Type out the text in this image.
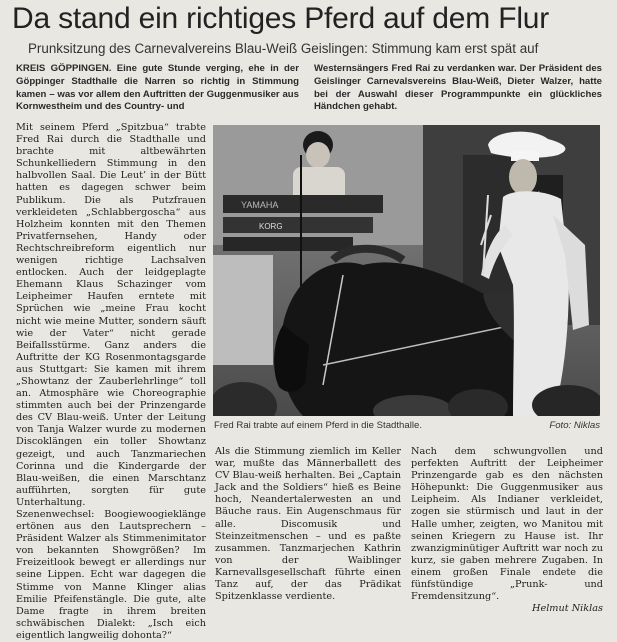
Da stand ein richtiges Pferd auf dem Flur
Prunksitzung des Carnevalvereins Blau-Weiß Geislingen: Stimmung kam erst spät auf
KREIS GÖPPINGEN. Eine gute Stunde verging, ehe in der Göppinger Stadthalle die Narren so richtig in Stimmung kamen – was vor allem den Auftritten der Guggenmusiker aus Kornwestheim und des Country- und
Westernsängers Fred Rai zu verdanken war. Der Präsident des Geislinger Carnevalsvereins Blau-Weiß, Dieter Walzer, hatte bei der Auswahl dieser Programmpunkte ein glückliches Händchen gehabt.

Mit seinem Pferd „Spitzbua“ trabte Fred Rai durch die Stadthalle und brachte mit altbewährten Schunkelliedern Stimmung in den halbvollen Saal. Die Leut’ in der Bütt hatten es dagegen schwer beim Publikum. Die als Putzfrauen verkleideten „Schlabbergoscha“ aus Holzheim konnten mit den Themen Privatfernsehen, Handy oder Rechtschreibreform eigentlich nur wenigen richtige Lachsalven entlocken. Auch der leidgeplagte Ehemann Klaus Schazinger vom Leipheimer Haufen erntete mit Sprüchen wie „meine Frau kocht nicht wie meine Mutter, sondern säuft wie der Vater“ nicht gerade Beifallsstürme. Ganz anders die Auftritte der KG Rosenmontagsgarde aus Stuttgart: Sie kamen mit ihrem „Showtanz der Zauberlehrlinge“ toll an. Atmosphäre wie Choreographie stimmten auch bei der Prinzengarde des CV Blau-weiß. Unter der Leitung von Tanja Walzer wurde zu modernen Discoklängen ein toller Showtanz gezeigt, und auch Tanzmariechen Corinna und die Kindergarde der Blau-weißen, die einen Marschtanz aufführten, sorgten für gute Unterhaltung.

Szenenwechsel: Boogiewoogieklänge ertönen aus den Lautsprechern – Präsident Walzer als Stimmenimitator von bekannten Showgrößen? Im Freizeitlook bewegt er allerdings nur seine Lippen. Echt war dagegen die Stimme von Manne Klinger alias Emilie Pfeifenstängle. Die gute, alte Dame fragte in ihrem breiten schwäbischen Dialekt: „Isch eich eigentlich langweilig dohonta?“

YAMAHA
KORG
Fred Rai trabte auf einem Pferd in die Stadthalle.	Foto: Niklas

Als die Stimmung ziemlich im Keller war, mußte das Männerballett des CV Blau-weiß herhalten. Bei „Captain Jack and the Soldiers“ hieß es Beine hoch, Neandertalerwesten an und Bäuche raus. Ein Augenschmaus für alle. Discomusik und Steinzeitmenschen – und es paßte zusammen. Tanzmarjechen Kathrin von der Waiblinger Karnevallsgesellschaft führte einen Tanz auf, der das Prädikat Spitzenklasse verdiente.

Nach dem schwungvollen und perfekten Auftritt der Leipheimer Prinzengarde gab es den nächsten Höhepunkt: Die Guggenmusiker aus Leipheim. Als Indianer verkleidet, zogen sie stürmisch und laut in der Halle umher, zeigten, wo Manitou mit seinen Kriegern zu Hause ist. Ihr zwanzigminütiger Auftritt war noch zu kurz, sie gaben mehrere Zugaben. In einem großen Finale endete die fünfstündige „Prunk- und Fremdensitzung“.

Helmut Niklas
